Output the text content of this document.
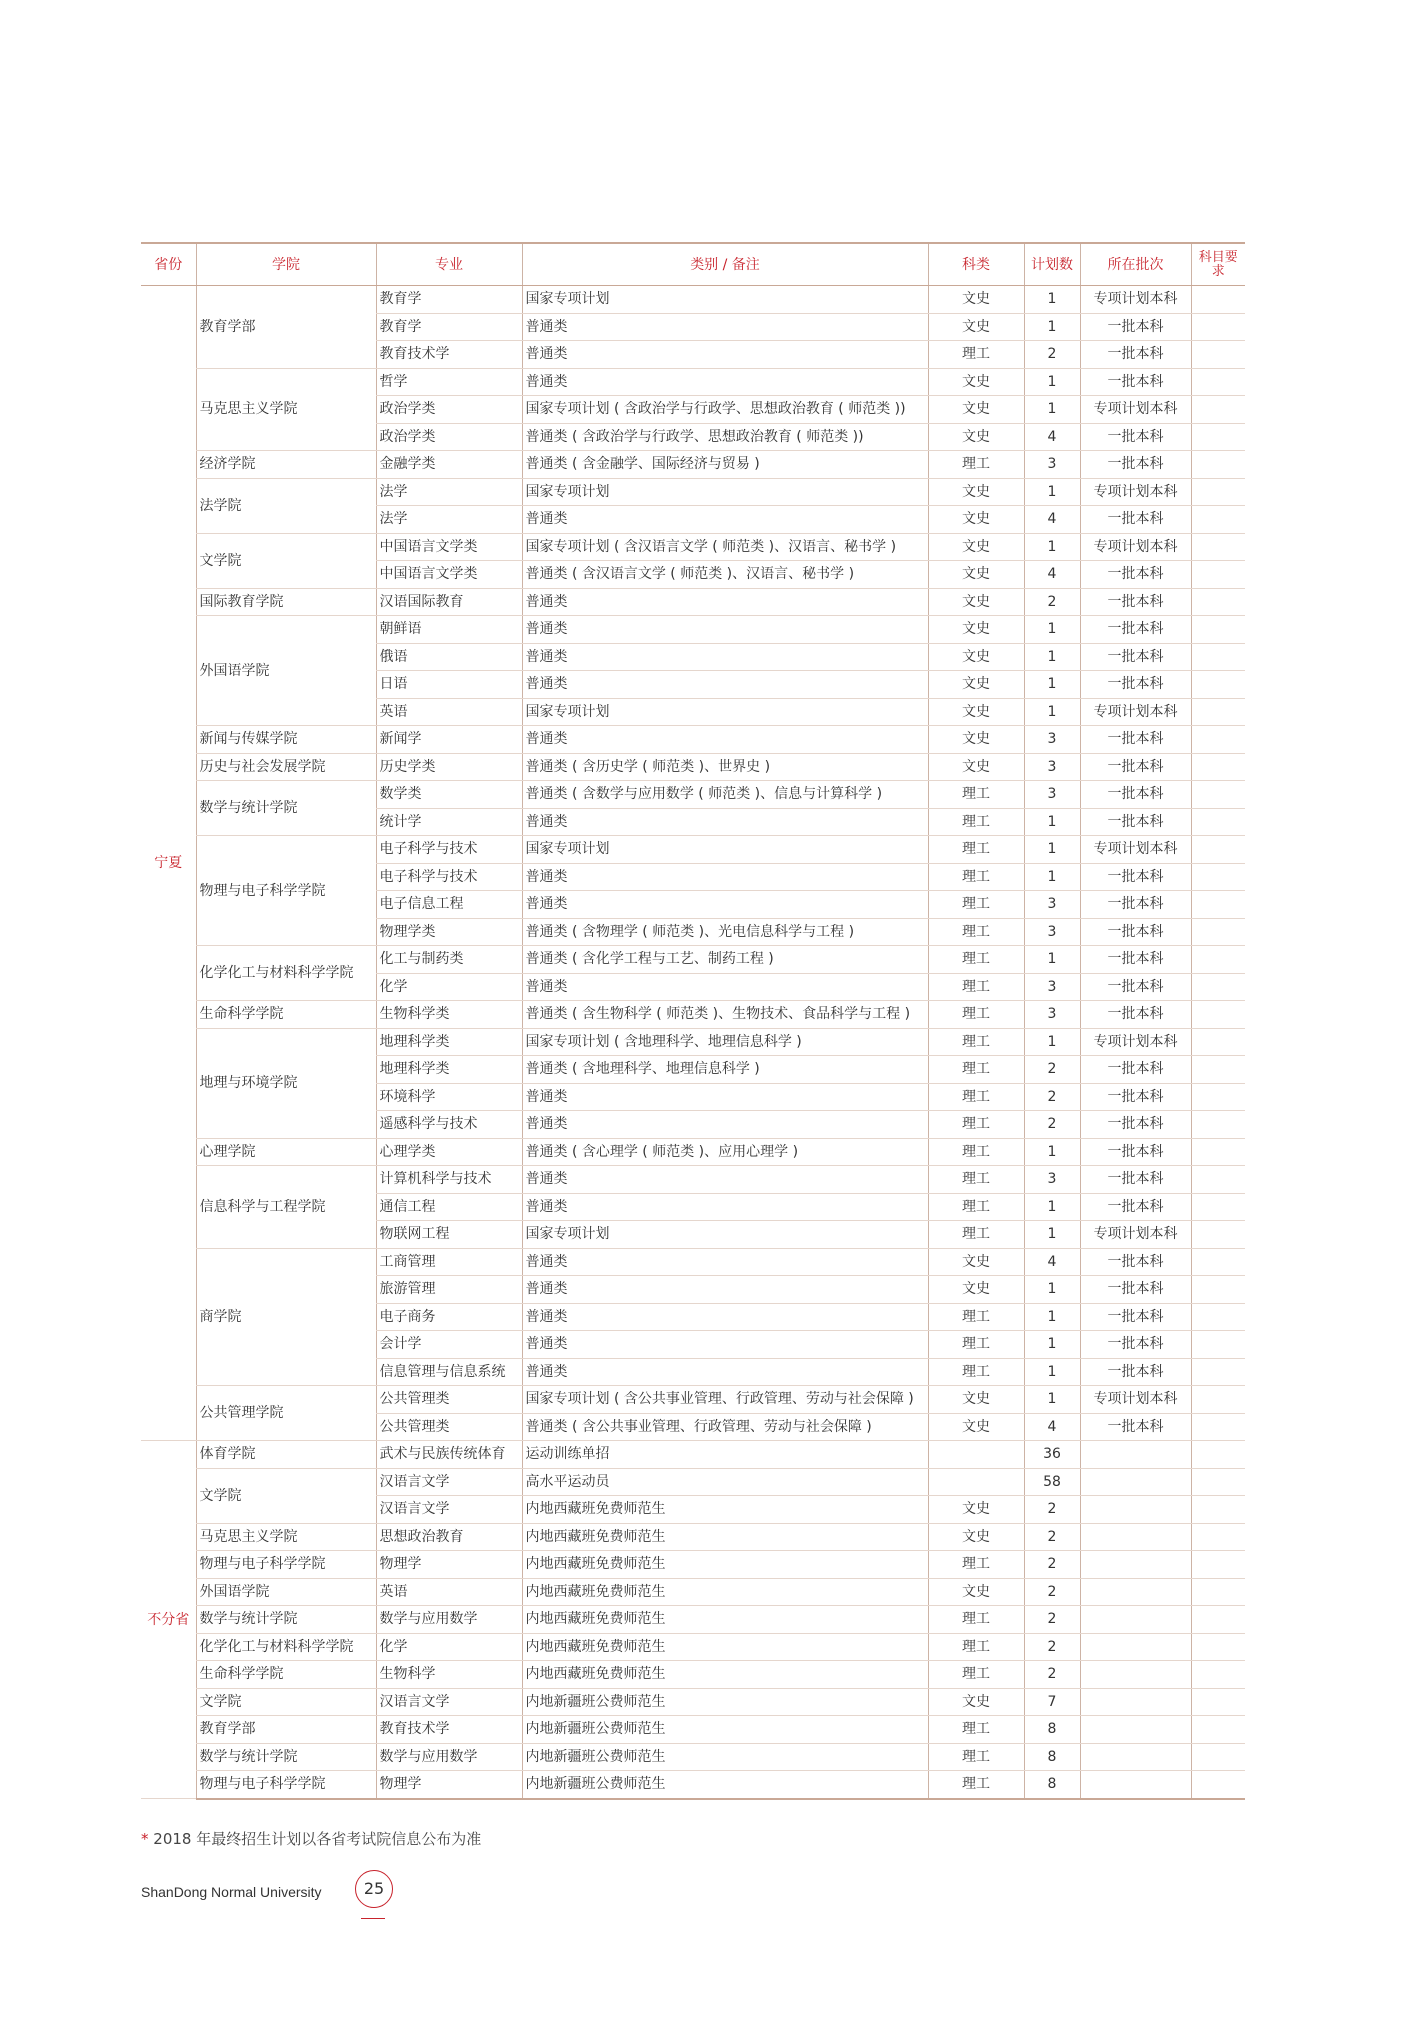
省份	学院	专业	类别 / 备注	科类	计划数	所在批次	科目要求
宁夏	教育学部	教育学	国家专项计划	文史	1	专项计划本科	
		教育学	普通类	文史	1	一批本科	
		教育技术学	普通类	理工	2	一批本科	
	马克思主义学院	哲学	普通类	文史	1	一批本科	
		政治学类	国家专项计划 ( 含政治学与行政学、思想政治教育 ( 师范类 ))	文史	1	专项计划本科	
		政治学类	普通类 ( 含政治学与行政学、思想政治教育 ( 师范类 ))	文史	4	一批本科	
	经济学院	金融学类	普通类 ( 含金融学、国际经济与贸易 )	理工	3	一批本科	
	法学院	法学	国家专项计划	文史	1	专项计划本科	
		法学	普通类	文史	4	一批本科	
	文学院	中国语言文学类	国家专项计划 ( 含汉语言文学 ( 师范类 )、汉语言、秘书学 )	文史	1	专项计划本科	
		中国语言文学类	普通类 ( 含汉语言文学 ( 师范类 )、汉语言、秘书学 )	文史	4	一批本科	
	国际教育学院	汉语国际教育	普通类	文史	2	一批本科	
	外国语学院	朝鲜语	普通类	文史	1	一批本科	
		俄语	普通类	文史	1	一批本科	
		日语	普通类	文史	1	一批本科	
		英语	国家专项计划	文史	1	专项计划本科	
	新闻与传媒学院	新闻学	普通类	文史	3	一批本科	
	历史与社会发展学院	历史学类	普通类 ( 含历史学 ( 师范类 )、世界史 )	文史	3	一批本科	
	数学与统计学院	数学类	普通类 ( 含数学与应用数学 ( 师范类 )、信息与计算科学 )	理工	3	一批本科	
		统计学	普通类	理工	1	一批本科	
	物理与电子科学学院	电子科学与技术	国家专项计划	理工	1	专项计划本科	
		电子科学与技术	普通类	理工	1	一批本科	
		电子信息工程	普通类	理工	3	一批本科	
		物理学类	普通类 ( 含物理学 ( 师范类 )、光电信息科学与工程 )	理工	3	一批本科	
	化学化工与材料科学学院	化工与制药类	普通类 ( 含化学工程与工艺、制药工程 )	理工	1	一批本科	
		化学	普通类	理工	3	一批本科	
	生命科学学院	生物科学类	普通类 ( 含生物科学 ( 师范类 )、生物技术、食品科学与工程 )	理工	3	一批本科	
	地理与环境学院	地理科学类	国家专项计划 ( 含地理科学、地理信息科学 )	理工	1	专项计划本科	
		地理科学类	普通类 ( 含地理科学、地理信息科学 )	理工	2	一批本科	
		环境科学	普通类	理工	2	一批本科	
		遥感科学与技术	普通类	理工	2	一批本科	
	心理学院	心理学类	普通类 ( 含心理学 ( 师范类 )、应用心理学 )	理工	1	一批本科	
	信息科学与工程学院	计算机科学与技术	普通类	理工	3	一批本科	
		通信工程	普通类	理工	1	一批本科	
		物联网工程	国家专项计划	理工	1	专项计划本科	
	商学院	工商管理	普通类	文史	4	一批本科	
		旅游管理	普通类	文史	1	一批本科	
		电子商务	普通类	理工	1	一批本科	
		会计学	普通类	理工	1	一批本科	
		信息管理与信息系统	普通类	理工	1	一批本科	
	公共管理学院	公共管理类	国家专项计划 ( 含公共事业管理、行政管理、劳动与社会保障 )	文史	1	专项计划本科	
		公共管理类	普通类 ( 含公共事业管理、行政管理、劳动与社会保障 )	文史	4	一批本科	
不分省	体育学院	武术与民族传统体育	运动训练单招		36		
	文学院	汉语言文学	高水平运动员		58		
		汉语言文学	内地西藏班免费师范生	文史	2		
	马克思主义学院	思想政治教育	内地西藏班免费师范生	文史	2		
	物理与电子科学学院	物理学	内地西藏班免费师范生	理工	2		
	外国语学院	英语	内地西藏班免费师范生	文史	2		
	数学与统计学院	数学与应用数学	内地西藏班免费师范生	理工	2		
	化学化工与材料科学学院	化学	内地西藏班免费师范生	理工	2		
	生命科学学院	生物科学	内地西藏班免费师范生	理工	2		
	文学院	汉语言文学	内地新疆班公费师范生	文史	7		
	教育学部	教育技术学	内地新疆班公费师范生	理工	8		
	数学与统计学院	数学与应用数学	内地新疆班公费师范生	理工	8		
	物理与电子科学学院	物理学	内地新疆班公费师范生	理工	8		
* 2018 年最终招生计划以各省考试院信息公布为准
ShanDong Normal University	25
